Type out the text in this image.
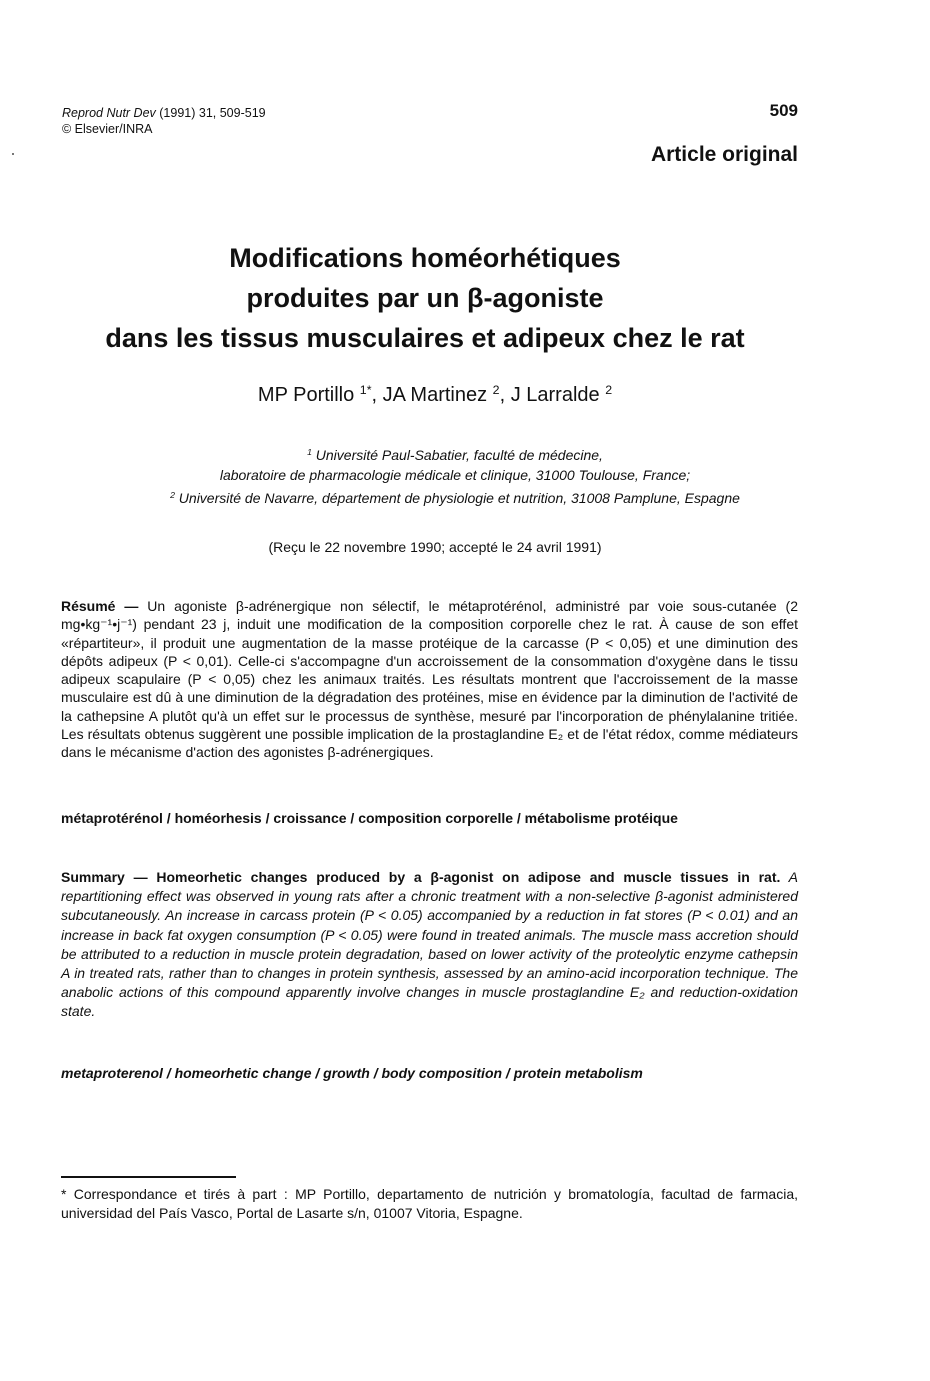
Reprod Nutr Dev (1991) 31, 509-519
© Elsevier/INRA
509
Article original
Modifications homéorhétiques
produites par un β-agoniste
dans les tissus musculaires et adipeux chez le rat
MP Portillo $^{1*}$, JA Martinez $^2$, J Larralde $^2$
$^1$ Université Paul-Sabatier, faculté de médecine,
laboratoire de pharmacologie médicale et clinique, 31000 Toulouse, France;
$^2$ Université de Navarre, département de physiologie et nutrition, 31008 Pamplune, Espagne
(Reçu le 22 novembre 1990; accepté le 24 avril 1991)
Résumé — Un agoniste β-adrénergique non sélectif, le métaprotérénol, administré par voie sous-cutanée (2 mg•kg⁻¹•j⁻¹) pendant 23 j, induit une modification de la composition corporelle chez le rat. À cause de son effet «répartiteur», il produit une augmentation de la masse protéique de la carcasse (P < 0,05) et une diminution des dépôts adipeux (P < 0,01). Celle-ci s'accompagne d'un accroissement de la consommation d'oxygène dans le tissu adipeux scapulaire (P < 0,05) chez les animaux traités. Les résultats montrent que l'accroissement de la masse musculaire est dû à une diminution de la dégradation des protéines, mise en évidence par la diminution de l'activité de la cathepsine A plutôt qu'à un effet sur le processus de synthèse, mesuré par l'incorporation de phénylalanine tritiée. Les résultats obtenus suggèrent une possible implication de la prostaglandine E₂ et de l'état rédox, comme médiateurs dans le mécanisme d'action des agonistes β-adrénergiques.
métaprotérénol / homéorhesis / croissance / composition corporelle / métabolisme protéique
Summary — Homeorhetic changes produced by a β-agonist on adipose and muscle tissues in rat. A repartitioning effect was observed in young rats after a chronic treatment with a non-selective β-agonist administered subcutaneously. An increase in carcass protein (P < 0.05) accompanied by a reduction in fat stores (P < 0.01) and an increase in back fat oxygen consumption (P < 0.05) were found in treated animals. The muscle mass accretion should be attributed to a reduction in muscle protein degradation, based on lower activity of the proteolytic enzyme cathepsin A in treated rats, rather than to changes in protein synthesis, assessed by an amino-acid incorporation technique. The anabolic actions of this compound apparently involve changes in muscle prostaglandine E₂ and reduction-oxidation state.
metaproterenol / homeorhetic change / growth / body composition / protein metabolism
* Correspondance et tirés à part : MP Portillo, departamento de nutrición y bromatología, facultad de farmacia, universidad del País Vasco, Portal de Lasarte s/n, 01007 Vitoria, Espagne.
